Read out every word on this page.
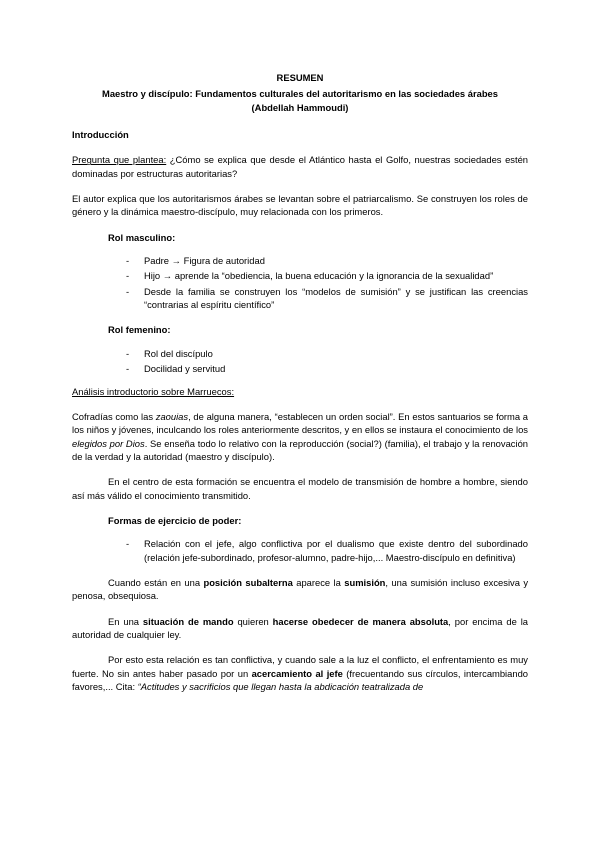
RESUMEN
Maestro y discípulo: Fundamentos culturales del autoritarismo en las sociedades árabes
(Abdellah Hammoudi)
Introducción

Pregunta que plantea: ¿Cómo se explica que desde el Atlántico hasta el Golfo, nuestras sociedades estén dominadas por estructuras autoritarias?

El autor explica que los autoritarismos árabes se levantan sobre el patriarcalismo. Se construyen los roles de género y la dinámica maestro-discípulo, muy relacionada con los primeros.

Rol masculino:
- Padre → Figura de autoridad
- Hijo → aprende la “obediencia, la buena educación y la ignorancia de la sexualidad”
- Desde la familia se construyen los “modelos de sumisión” y se justifican las creencias “contrarias al espíritu científico”
Rol femenino:
- Rol del discípulo
- Docilidad y servitud
Análisis introductorio sobre Marruecos:

Cofradías como las zaouias, de alguna manera, “establecen un orden social”. En estos santuarios se forma a los niños y jóvenes, inculcando los roles anteriormente descritos, y en ellos se instaura el conocimiento de los elegidos por Dios. Se enseña todo lo relativo con la reproducción (social?) (familia), el trabajo y la renovación de la verdad y la autoridad (maestro y discípulo).

En el centro de esta formación se encuentra el modelo de transmisión de hombre a hombre, siendo así más válido el conocimiento transmitido.

Formas de ejercicio de poder:
- Relación con el jefe, algo conflictiva por el dualismo que existe dentro del subordinado (relación jefe-subordinado, profesor-alumno, padre-hijo,... Maestro-discípulo en definitiva)

Cuando están en una posición subalterna aparece la sumisión, una sumisión incluso excesiva y penosa, obsequiosa.

En una situación de mando quieren hacerse obedecer de manera absoluta, por encima de la autoridad de cualquier ley.

Por esto esta relación es tan conflictiva, y cuando sale a la luz el conflicto, el enfrentamiento es muy fuerte. No sin antes haber pasado por un acercamiento al jefe (frecuentando sus círculos, intercambiando favores,... Cita: “Actitudes y sacrificios que llegan hasta la abdicación teatralizada de
